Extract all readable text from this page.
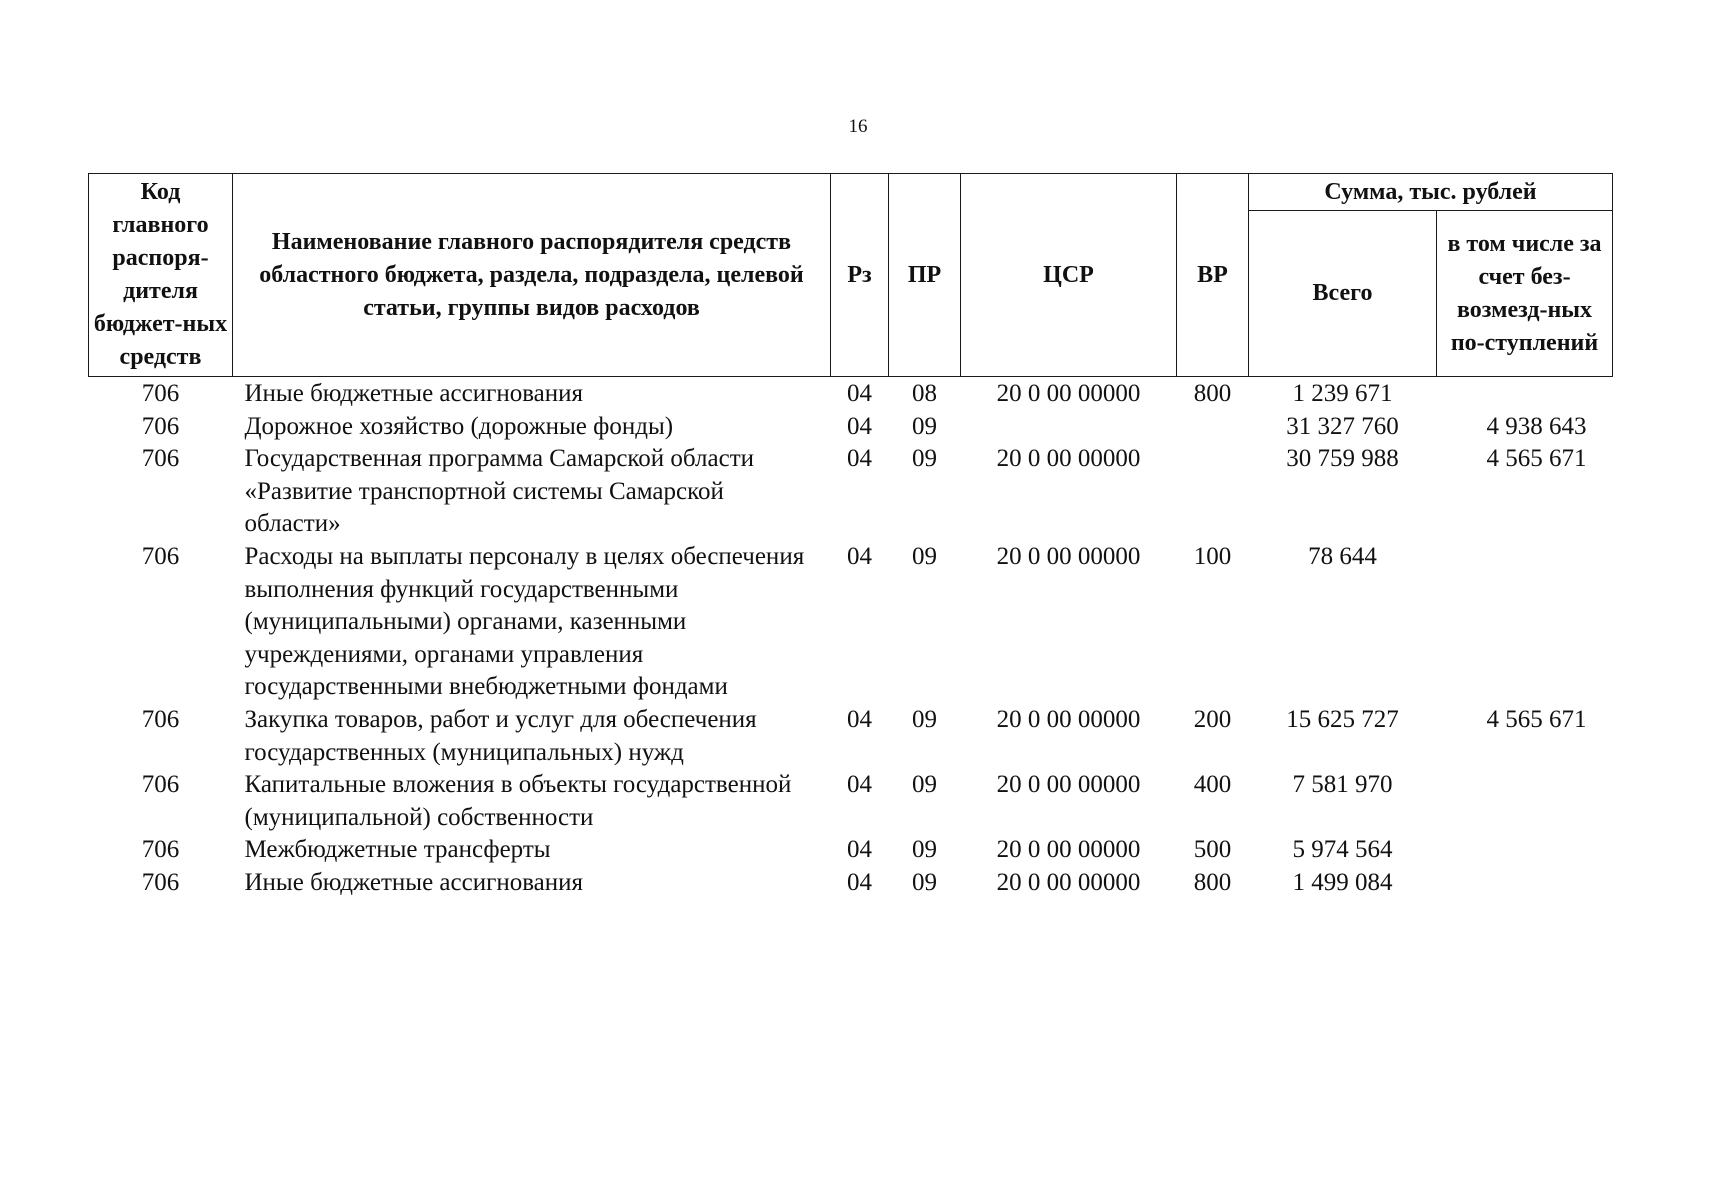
16
Код главного распоря-дителя бюджет-ных средств	Наименование главного распорядителя средств областного бюджета, раздела, подраздела, целевой статьи, группы видов расходов	Рз	ПР	ЦСР	ВР	Сумма, тыс. рублей	
						Всего	в том числе за счет без-возмезд-ных по-ступлений
706	Иные бюджетные ассигнования	04	08	20 0 00 00000	800	1 239 671	
706	Дорожное хозяйство (дорожные фонды)	04	09			31 327 760	4 938 643
706	Государственная программа Самарской области «Развитие транспортной системы Самарской области»	04	09	20 0 00 00000		30 759 988	4 565 671
706	Расходы на выплаты персоналу в целях обеспечения выполнения функций государственными (муниципальными) органами, казенными учреждениями, органами управления государственными внебюджетными фондами	04	09	20 0 00 00000	100	78 644	
706	Закупка товаров, работ и услуг для обеспечения государственных (муниципальных) нужд	04	09	20 0 00 00000	200	15 625 727	4 565 671
706	Капитальные вложения в объекты государственной (муниципальной) собственности	04	09	20 0 00 00000	400	7 581 970	
706	Межбюджетные трансферты	04	09	20 0 00 00000	500	5 974 564	
706	Иные бюджетные ассигнования	04	09	20 0 00 00000	800	1 499 084	
